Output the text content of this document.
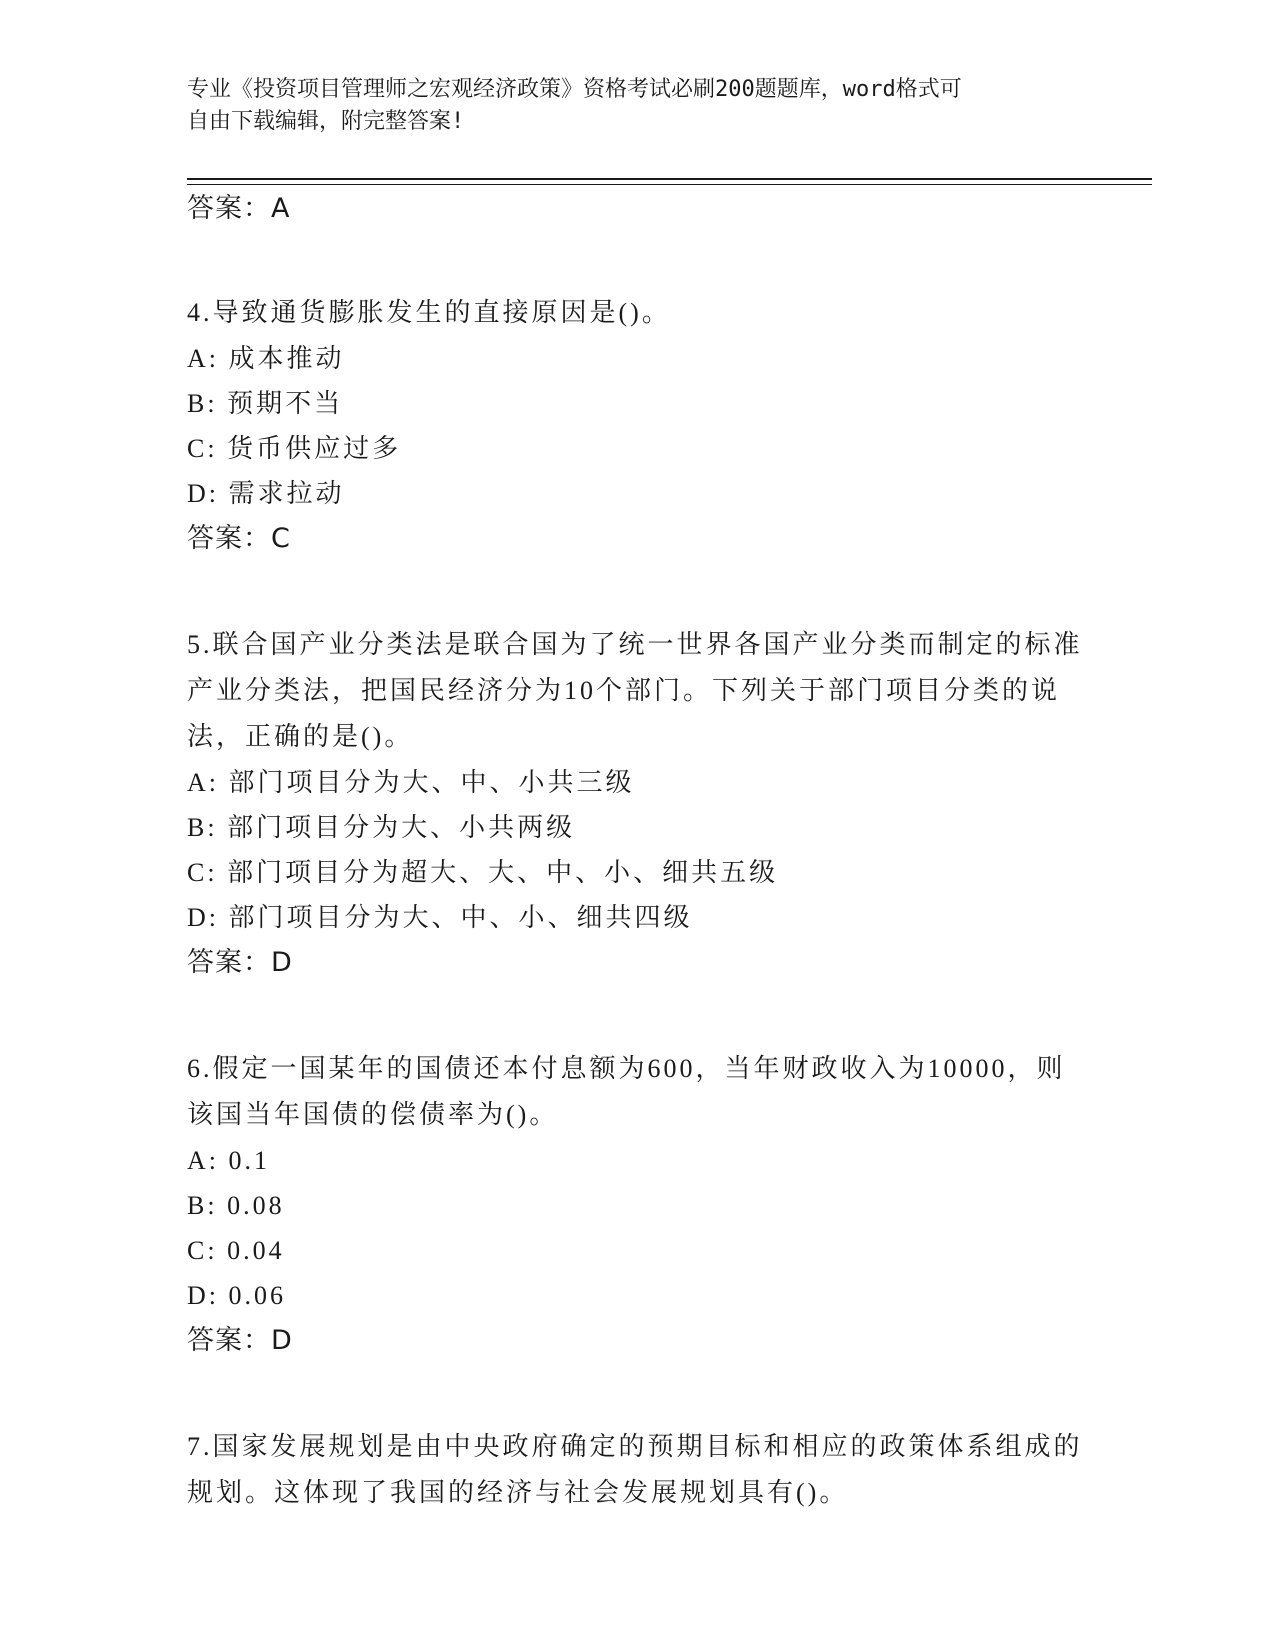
专业《投资项目管理师之宏观经济政策》资格考试必刷200题题库，word格式可
自由下载编辑，附完整答案!
答案：A
4.导致通货膨胀发生的直接原因是()。
A: 成本推动
B: 预期不当
C: 货币供应过多
D: 需求拉动
答案：C
5.联合国产业分类法是联合国为了统一世界各国产业分类而制定的标准产业分类法，把国民经济分为10个部门。下列关于部门项目分类的说法，正确的是()。
A: 部门项目分为大、中、小共三级
B: 部门项目分为大、小共两级
C: 部门项目分为超大、大、中、小、细共五级
D: 部门项目分为大、中、小、细共四级
答案：D
6.假定一国某年的国债还本付息额为600，当年财政收入为10000，则该国当年国债的偿债率为()。
A: 0.1
B: 0.08
C: 0.04
D: 0.06
答案：D
7.国家发展规划是由中央政府确定的预期目标和相应的政策体系组成的规划。这体现了我国的经济与社会发展规划具有()。
